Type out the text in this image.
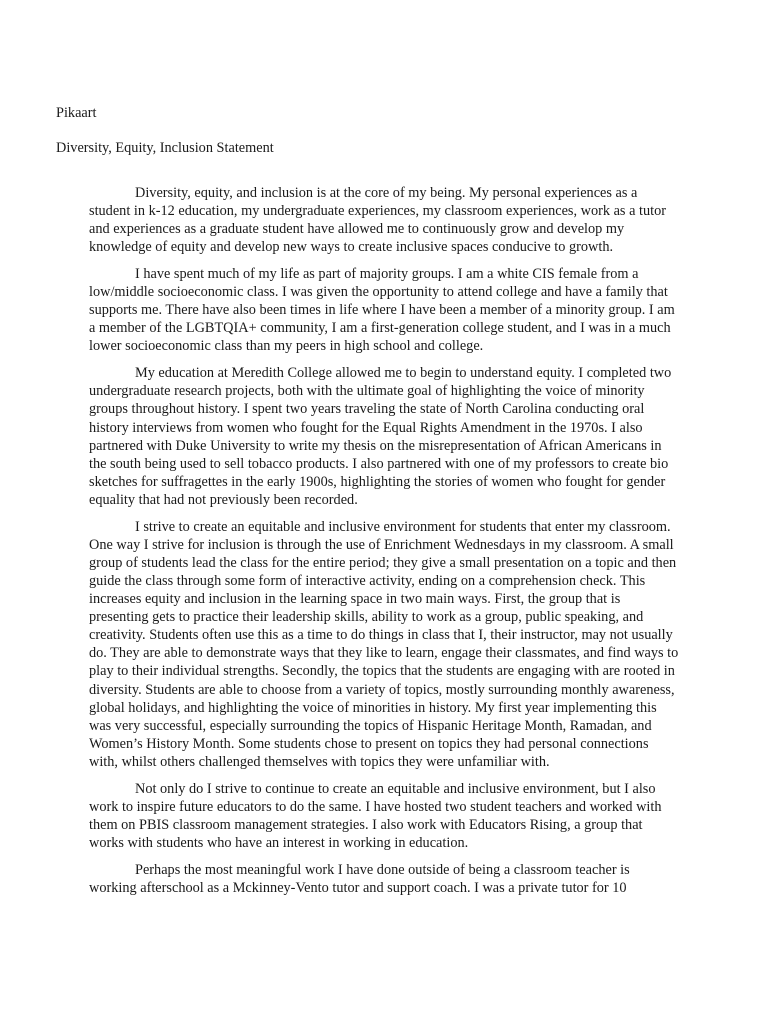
Pikaart

Diversity, Equity, Inclusion Statement

Diversity, equity, and inclusion is at the core of my being. My personal experiences as a student in k-12 education, my undergraduate experiences, my classroom experiences, work as a tutor and experiences as a graduate student have allowed me to continuously grow and develop my knowledge of equity and develop new ways to create inclusive spaces conducive to growth.

I have spent much of my life as part of majority groups. I am a white CIS female from a low/middle socioeconomic class. I was given the opportunity to attend college and have a family that supports me. There have also been times in life where I have been a member of a minority group. I am a member of the LGBTQIA+ community, I am a first-generation college student, and I was in a much lower socioeconomic class than my peers in high school and college.

My education at Meredith College allowed me to begin to understand equity. I completed two undergraduate research projects, both with the ultimate goal of highlighting the voice of minority groups throughout history. I spent two years traveling the state of North Carolina conducting oral history interviews from women who fought for the Equal Rights Amendment in the 1970s. I also partnered with Duke University to write my thesis on the misrepresentation of African Americans in the south being used to sell tobacco products. I also partnered with one of my professors to create bio sketches for suffragettes in the early 1900s, highlighting the stories of women who fought for gender equality that had not previously been recorded.

I strive to create an equitable and inclusive environment for students that enter my classroom. One way I strive for inclusion is through the use of Enrichment Wednesdays in my classroom. A small group of students lead the class for the entire period; they give a small presentation on a topic and then guide the class through some form of interactive activity, ending on a comprehension check. This increases equity and inclusion in the learning space in two main ways. First, the group that is presenting gets to practice their leadership skills, ability to work as a group, public speaking, and creativity. Students often use this as a time to do things in class that I, their instructor, may not usually do. They are able to demonstrate ways that they like to learn, engage their classmates, and find ways to play to their individual strengths. Secondly, the topics that the students are engaging with are rooted in diversity. Students are able to choose from a variety of topics, mostly surrounding monthly awareness, global holidays, and highlighting the voice of minorities in history. My first year implementing this was very successful, especially surrounding the topics of Hispanic Heritage Month, Ramadan, and Women’s History Month. Some students chose to present on topics they had personal connections with, whilst others challenged themselves with topics they were unfamiliar with.

Not only do I strive to continue to create an equitable and inclusive environment, but I also work to inspire future educators to do the same. I have hosted two student teachers and worked with them on PBIS classroom management strategies. I also work with Educators Rising, a group that works with students who have an interest in working in education.

Perhaps the most meaningful work I have done outside of being a classroom teacher is working afterschool as a Mckinney-Vento tutor and support coach. I was a private tutor for 10
